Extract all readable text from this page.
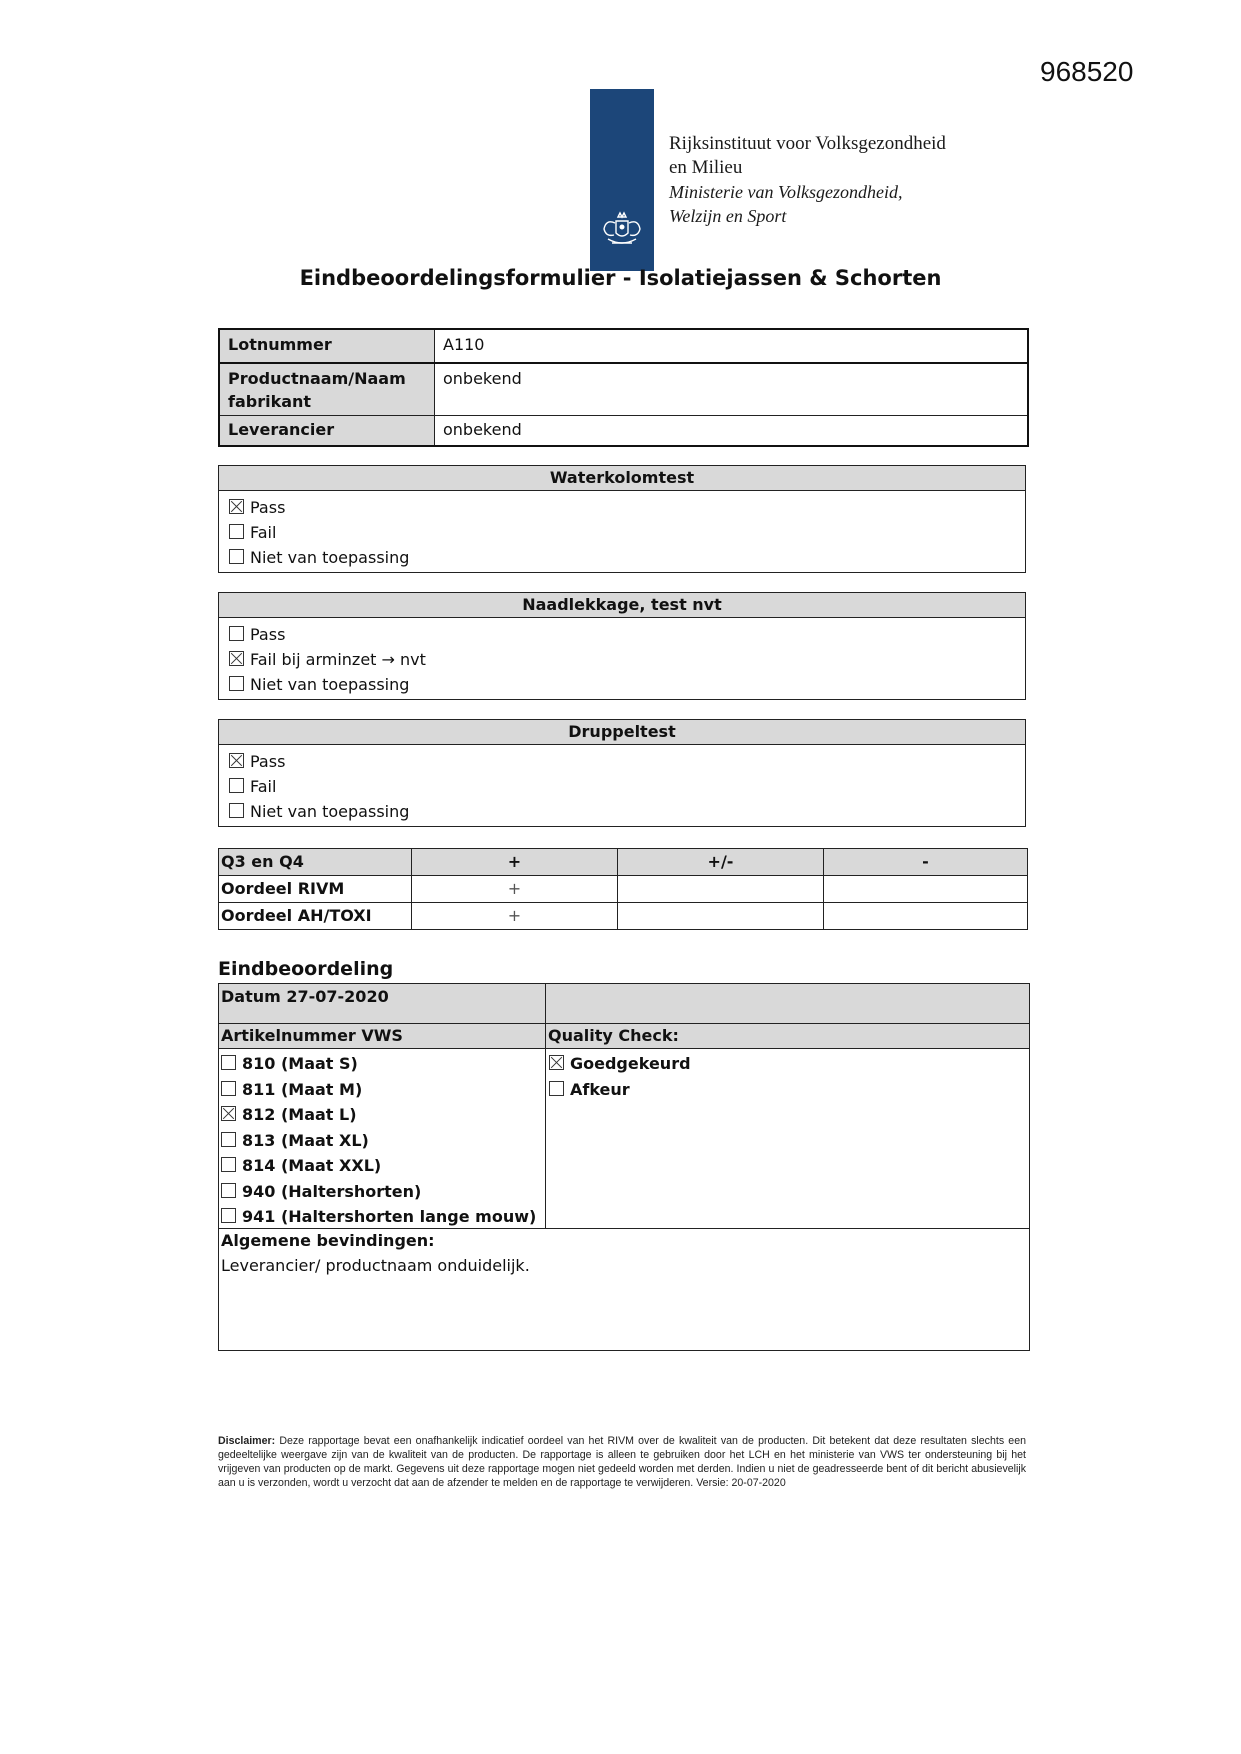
968520
Rijksinstituut voor Volksgezondheid
en Milieu
Ministerie van Volksgezondheid,
Welzijn en Sport
Eindbeoordelingsformulier - Isolatiejassen & Schorten
Lotnummer	A110
Productnaam/Naam fabrikant	onbekend
Leverancier	onbekend
Waterkolomtest
Pass
Fail
Niet van toepassing
Naadlekkage, test nvt
Pass
Fail bij arminzet → nvt
Niet van toepassing
Druppeltest
Pass
Fail
Niet van toepassing
Q3 en Q4	+	+/-	-
Oordeel RIVM	+		
Oordeel AH/TOXI	+		
Eindbeoordeling
Datum 27-07-2020
Artikelnummer VWS	Quality Check:
810 (Maat S)
811 (Maat M)
812 (Maat L)
813 (Maat XL)
814 (Maat XXL)
940 (Haltershorten)
941 (Haltershorten lange mouw)
Goedgekeurd
Afkeur
Algemene bevindingen:
Leverancier/ productnaam onduidelijk.
Disclaimer: Deze rapportage bevat een onafhankelijk indicatief oordeel van het RIVM over de kwaliteit van de producten. Dit betekent dat deze resultaten slechts een gedeeltelijke weergave zijn van de kwaliteit van de producten. De rapportage is alleen te gebruiken door het LCH en het ministerie van VWS ter ondersteuning bij het vrijgeven van producten op de markt. Gegevens uit deze rapportage mogen niet gedeeld worden met derden. Indien u niet de geadresseerde bent of dit bericht abusievelijk aan u is verzonden, wordt u verzocht dat aan de afzender te melden en de rapportage te verwijderen. Versie: 20-07-2020
